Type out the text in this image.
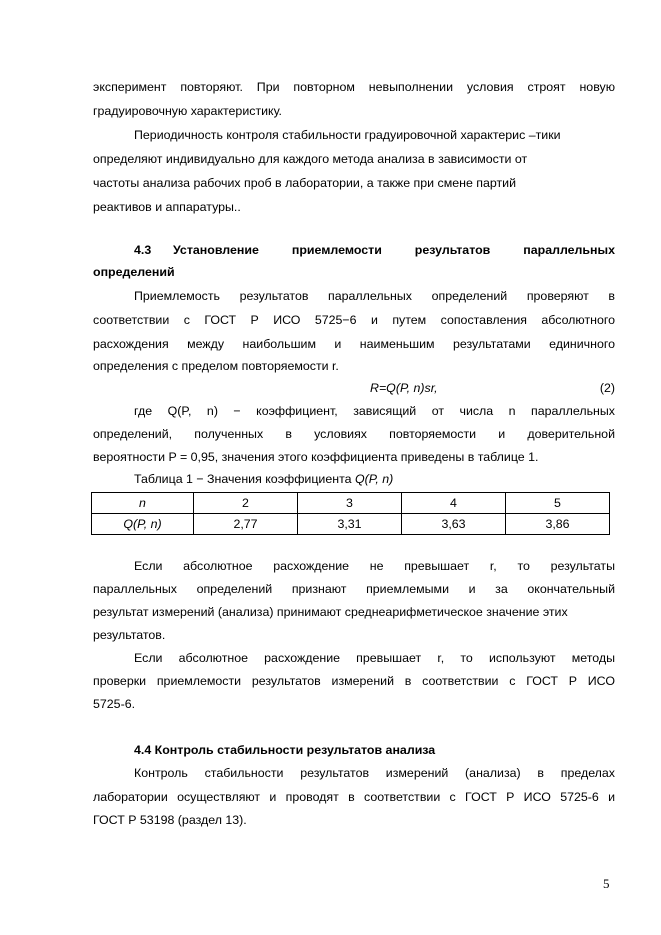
эксперимент повторяют. При повторном невыполнении условия строят новую
градуировочную характеристику.
Периодичность контроля стабильности градуировочной характерис –тики
определяют индивидуально для каждого метода анализа в зависимости от
частоты анализа рабочих проб в лаборатории, а также при смене партий
реактивов и аппаратуры..
4.3 Установление приемлемости результатов параллельных
определений
Приемлемость результатов параллельных определений проверяют в
соответствии с ГОСТ Р ИСО 5725−6 и путем сопоставления абсолютного
расхождения между наибольшим и наименьшим результатами единичного
определения с пределом повторяемости r.
R=Q(P, n)sr,	(2)
где Q(P, n) − коэффициент, зависящий от числа n параллельных
определений, полученных в условиях повторяемости и доверительной
вероятности P = 0,95, значения этого коэффициента приведены в таблице 1.
Таблица 1 − Значения коэффициента Q(P, n)
n	2	3	4	5
Q(P, n)	2,77	3,31	3,63	3,86
Если абсолютное расхождение не превышает r, то результаты
параллельных определений признают приемлемыми и за окончательный
результат измерений (анализа) принимают среднеарифметическое значение этих
результатов.
Если абсолютное расхождение превышает r, то используют методы
проверки приемлемости результатов измерений в соответствии с ГОСТ Р ИСО
5725-6.
4.4 Контроль стабильности результатов анализа
Контроль стабильности результатов измерений (анализа) в пределах
лаборатории осуществляют и проводят в соответствии с ГОСТ Р ИСО 5725-6 и
ГОСТ Р 53198 (раздел 13).
5
